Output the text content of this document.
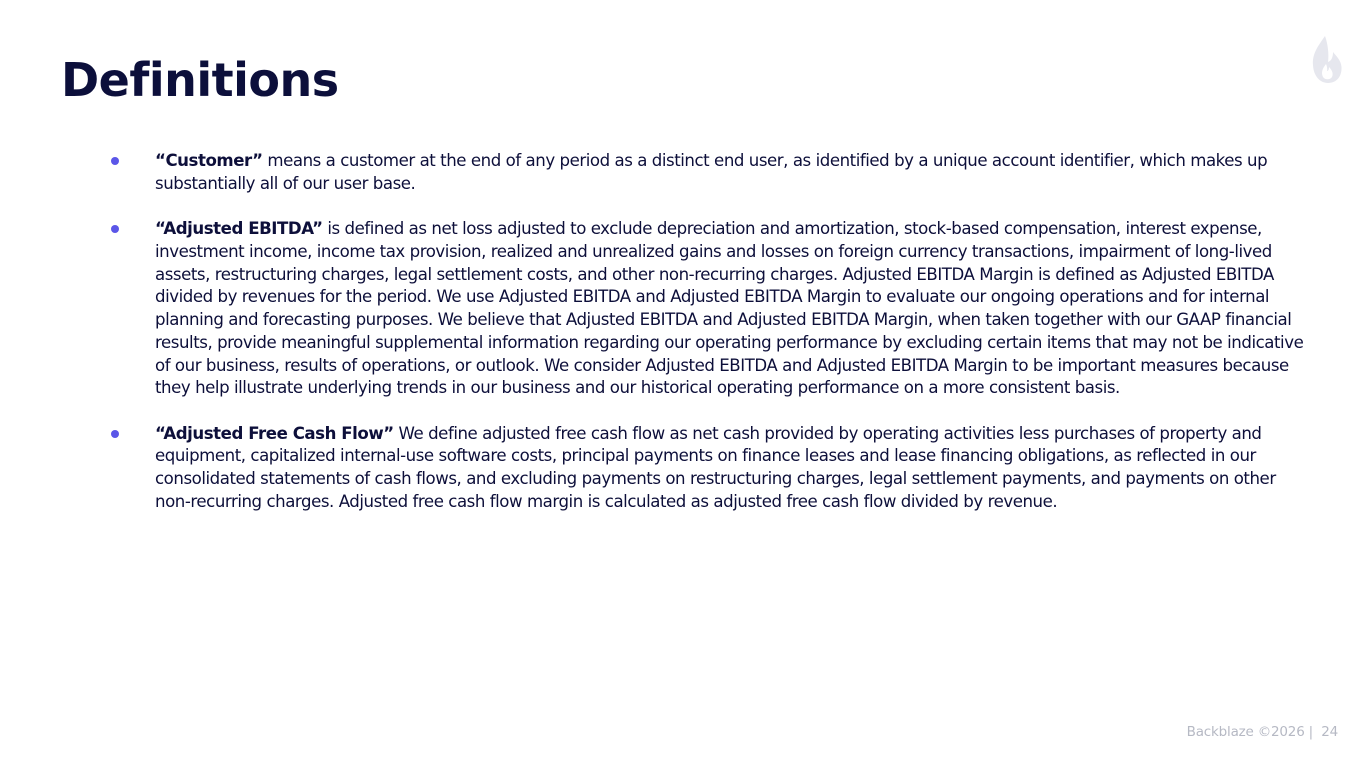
Definitions

“Customer” means a customer at the end of any period as a distinct end user, as identified by a unique account identifier, which makes up substantially all of our user base.

“Adjusted EBITDA” is defined as net loss adjusted to exclude depreciation and amortization, stock-based compensation, interest expense, investment income, income tax provision, realized and unrealized gains and losses on foreign currency transactions, impairment of long-lived assets, restructuring charges, legal settlement costs, and other non-recurring charges. Adjusted EBITDA Margin is defined as Adjusted EBITDA divided by revenues for the period. We use Adjusted EBITDA and Adjusted EBITDA Margin to evaluate our ongoing operations and for internal planning and forecasting purposes. We believe that Adjusted EBITDA and Adjusted EBITDA Margin, when taken together with our GAAP financial results, provide meaningful supplemental information regarding our operating performance by excluding certain items that may not be indicative of our business, results of operations, or outlook. We consider Adjusted EBITDA and Adjusted EBITDA Margin to be important measures because they help illustrate underlying trends in our business and our historical operating performance on a more consistent basis.

“Adjusted Free Cash Flow” We define adjusted free cash flow as net cash provided by operating activities less purchases of property and equipment, capitalized internal-use software costs, principal payments on finance leases and lease financing obligations, as reflected in our consolidated statements of cash flows, and excluding payments on restructuring charges, legal settlement payments, and payments on other non-recurring charges. Adjusted free cash flow margin is calculated as adjusted free cash flow divided by revenue.

Backblaze ©2026 | 24
